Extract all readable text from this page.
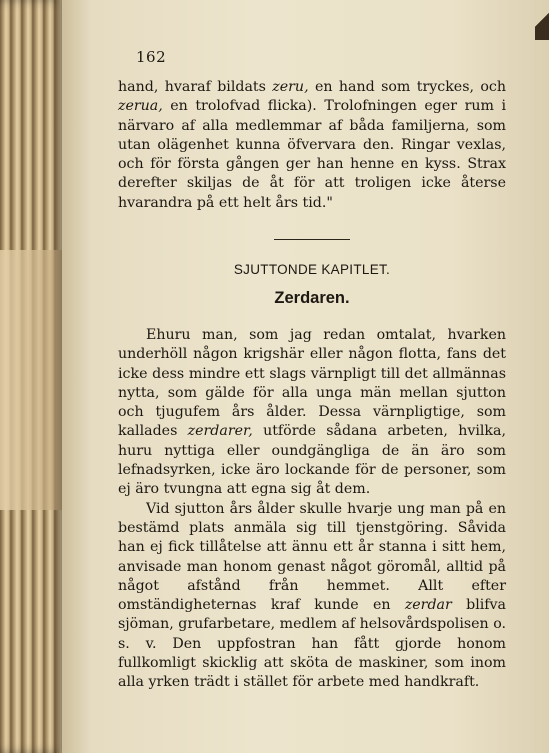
162

hand, hvaraf bildats zeru, en hand som tryckes, och zerua, en trolofvad flicka). Trolofningen eger rum i närvaro af alla medlemmar af båda familjerna, som utan olägenhet kunna öfvervara den. Ringar vexlas, och för första gången ger han henne en kyss. Strax derefter skiljas de åt för att troligen icke återse hvarandra på ett helt års tid."

SJUTTONDE KAPITLET.
Zerdaren.

Ehuru man, som jag redan omtalat, hvarken underhöll någon krigshär eller någon flotta, fans det icke dess mindre ett slags värnpligt till det allmännas nytta, som gälde för alla unga män mellan sjutton och tjugufem års ålder. Dessa värnpligtige, som kallades zerdarer, utförde sådana arbeten, hvilka, huru nyttiga eller oundgängliga de än äro som lefnadsyrken, icke äro lockande för de personer, som ej äro tvungna att egna sig åt dem.

Vid sjutton års ålder skulle hvarje ung man på en bestämd plats anmäla sig till tjenstgöring. Såvida han ej fick tillåtelse att ännu ett år stanna i sitt hem, anvisade man honom genast något göromål, alltid på något afstånd från hemmet. Allt efter omständigheternas kraf kunde en zerdar blifva sjöman, grufarbetare, medlem af helsovårdspolisen o. s. v. Den uppfostran han fått gjorde honom fullkomligt skicklig att sköta de maskiner, som inom alla yrken trädt i stället för arbete med handkraft.
